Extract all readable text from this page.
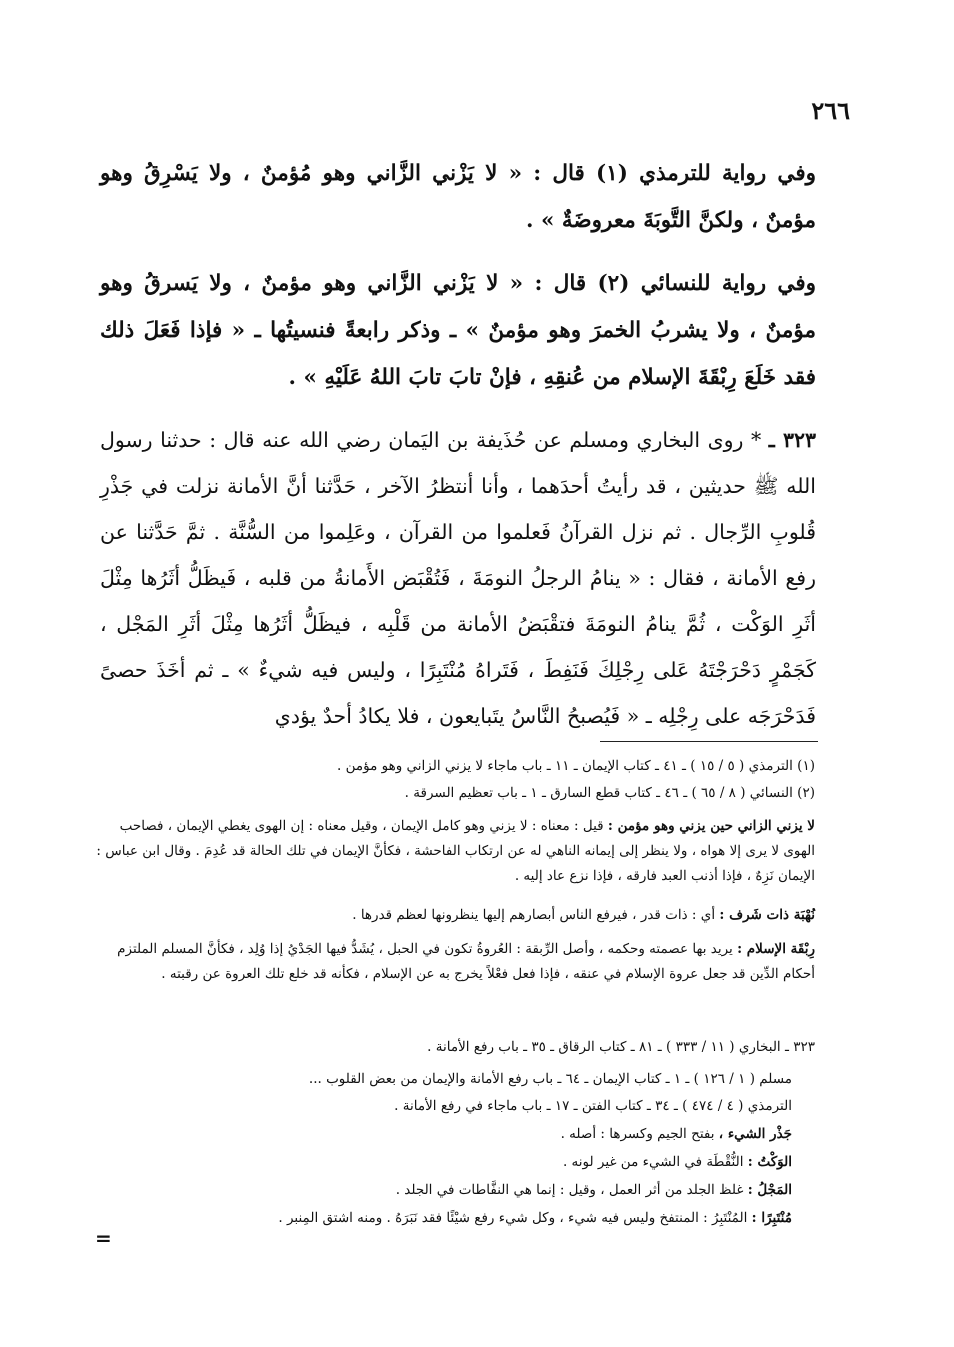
٢٦٦

وفي رواية للترمذي (١) قال : « لا يَزْني الزَّاني وهو مُؤمنٌ ، ولا يَسْرِقُ وهو مؤمنٌ ، ولكنَّ التَّوبَةَ معروضَةٌ » .

وفي رواية للنسائي (٢) قال : « لا يَزْني الزَّاني وهو مؤمنٌ ، ولا يَسرقُ وهو مؤمنٌ ، ولا يشربُ الخمرَ وهو مؤمنٌ » ـ وذكر رابعةً فنسيتُها ـ « فإذا فَعَلَ ذلك فقد خَلَعَ رِبْقَةَ الإسلام من عُنقِهِ ، فإنْ تابَ تابَ اللهُ عَلَيْهِ » .

٣٢٣ ـ * روى البخاري ومسلم عن حُذَيفة بن اليَمان رضي الله عنه قال : حدثنا رسول الله ﷺ حديثين ، قد رأيتُ أحدَهما ، وأنا أنتظرُ الآخر ، حَدَّثنا أنَّ الأمانة نزلت في جَذْرِ قُلوبِ الرِّجال . ثم نزل القرآنُ فَعلموا من القرآن ، وعَلِموا من السُّنَّة . ثمَّ حَدَّثنا عن رفع الأمانة ، فقال : « ينامُ الرجلُ النومَةَ ، فَتُقْبَض الأَمانةُ من قلبه ، فَيظَلُّ أثَرُها مِثْلَ أثَرِ الوَكْت ، ثُمَّ ينامُ النومَةَ فتقْبَضُ الأمانة من قَلْبِه ، فيظَلُّ أثَرُها مِثْلَ أثَرِ المَجْل ، كَجَمْرٍ دَحْرَجْتَهُ عَلى رِجْلِكَ فَنَفِطَ ، فَتَراهُ مُنْتَبِرًا ، وليس فيه شيءٌ » ـ ثم أخَذَ حصىً فَدَحْرَجَه على رِجْلِه ـ « فَيُصبحُ النَّاسُ يتَبايعون ، فلا يكادُ أحدٌ يؤدي

(١) الترمذي ( ٥ / ١٥ ) ـ ٤١ ـ كتاب الإيمان ـ ١١ ـ باب ماجاء لا يزني الزاني وهو مؤمن .

(٢) النسائي ( ٨ / ٦٥ ) ـ ٤٦ ـ كتاب قطع السارق ـ ١ ـ باب تعظيم السرقة .

لا يزني الزاني حين يزني وهو مؤمن : قيل : معناه : لا يزني وهو كامل الإيمان ، وقيل معناه : إن الهوى يغطي الإيمان ، فصاحب الهوى لا يرى إلا هواه ، ولا ينظر إلى إيمانه الناهي له عن ارتكاب الفاحشة ، فكأنَّ الإيمان في تلك الحالة قد عُدِمَ . وقال ابن عباس : الإيمان نَزِهٌ ، فإذا أذنب العبد فارقه ، فإذا نزع عاد إليه .

نُهْبَة ذات شَرف : أي : ذات قدر ، فيرفع الناس أبصارهم إليها ينظرونها لعظم قدرها .

رِبْقَة الإسلام : يريد بها عصمته وحكمه ، وأصل الرِّبقة : العُروةُ تكون في الحبل ، يُشَدُّ فيها الجَدْيُ إذا وُلِد ، فكأنَّ المسلم الملتزم أحكام الدِّين قد جعل عروة الإسلام في عنقه ، فإذا فعل فعْلاً يخرج به عن الإسلام ، فكأنه قد خلع تلك العروة عن رقبته .

٣٢٣ ـ البخاري ( ١١ / ٣٣٣ ) ـ ٨١ ـ كتاب الرقاق ـ ٣٥ ـ باب رفع الأمانة .

مسلم ( ١ / ١٢٦ ) ـ ١ ـ كتاب الإيمان ـ ٦٤ ـ باب رفع الأمانة والإيمان من بعض القلوب ...

الترمذي ( ٤ / ٤٧٤ ) ـ ٣٤ ـ كتاب الفتن ـ ١٧ ـ باب ماجاء في رفع الأمانة .

جَذْر الشيء ، بفتح الجيم وكسرها : أصله .

الوَكْتُ : النُّقْطَة في الشيء من غير لونه .

المَجْلُ : غلظ الجلد من أثر العمل ، وقيل : إنما هي النفَّاطات في الجلد .

مُنْتَبِرًا : المُنْتَبِرُ : المنتفخ وليس فيه شيء ، وكل شيء رفع شيْئًا فقد نَبَرَهُ . ومنه اشتق المِنبر .

=
